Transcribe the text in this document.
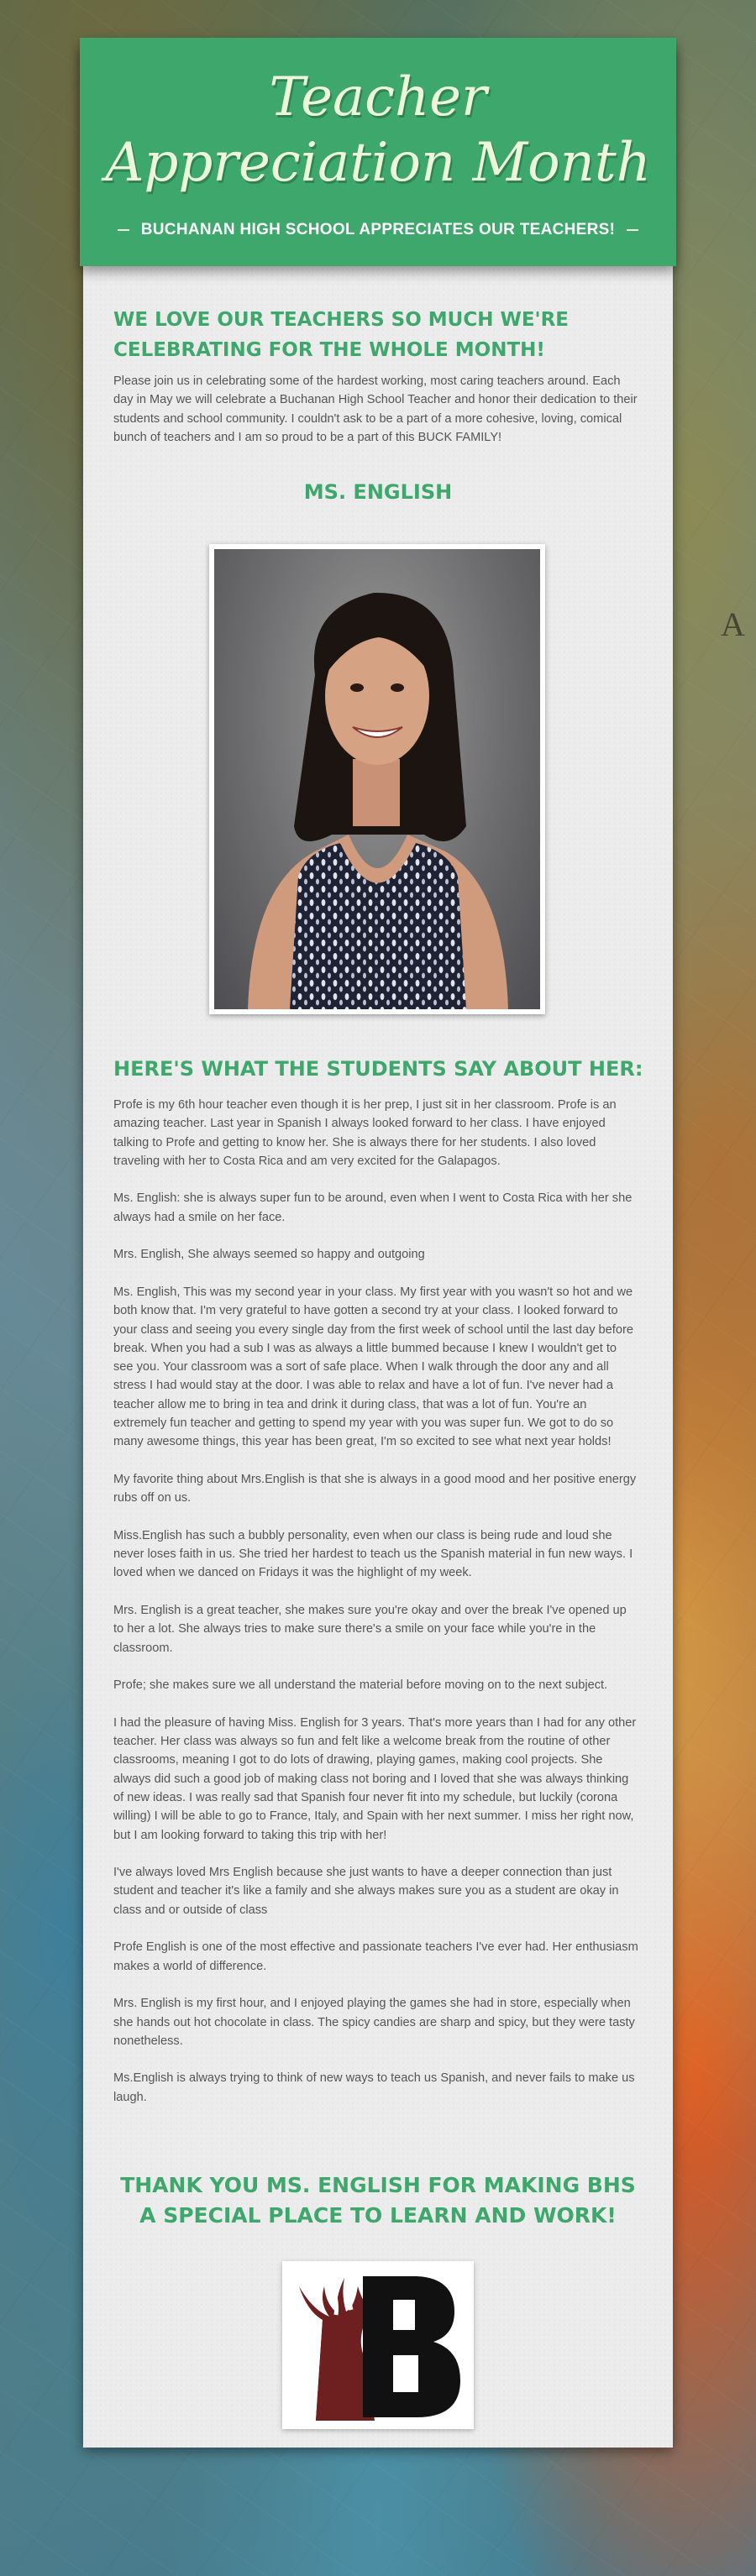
A
Teacher
Appreciation Month
BUCHANAN HIGH SCHOOL APPRECIATES OUR TEACHERS!
WE LOVE OUR TEACHERS SO MUCH WE'RE CELEBRATING FOR THE WHOLE MONTH!

Please join us in celebrating some of the hardest working, most caring teachers around. Each day in May we will celebrate a Buchanan High School Teacher and honor their dedication to their students and school community. I couldn't ask to be a part of a more cohesive, loving, comical bunch of teachers and I am so proud to be a part of this BUCK FAMILY!

MS. ENGLISH
HERE'S WHAT THE STUDENTS SAY ABOUT HER:

Profe is my 6th hour teacher even though it is her prep, I just sit in her classroom. Profe is an amazing teacher. Last year in Spanish I always looked forward to her class. I have enjoyed talking to Profe and getting to know her. She is always there for her students. I also loved traveling with her to Costa Rica and am very excited for the Galapagos.

Ms. English: she is always super fun to be around, even when I went to Costa Rica with her she always had a smile on her face.

Mrs. English, She always seemed so happy and outgoing

Ms. English, This was my second year in your class. My first year with you wasn't so hot and we both know that. I'm very grateful to have gotten a second try at your class. I looked forward to your class and seeing you every single day from the first week of school until the last day before break. When you had a sub I was as always a little bummed because I knew I wouldn't get to see you. Your classroom was a sort of safe place. When I walk through the door any and all stress I had would stay at the door. I was able to relax and have a lot of fun. I've never had a teacher allow me to bring in tea and drink it during class, that was a lot of fun. You're an extremely fun teacher and getting to spend my year with you was super fun. We got to do so many awesome things, this year has been great, I'm so excited to see what next year holds!

My favorite thing about Mrs.English is that she is always in a good mood and her positive energy rubs off on us.

Miss.English has such a bubbly personality, even when our class is being rude and loud she never loses faith in us. She tried her hardest to teach us the Spanish material in fun new ways. I loved when we danced on Fridays it was the highlight of my week.

Mrs. English is a great teacher, she makes sure you're okay and over the break I've opened up to her a lot. She always tries to make sure there's a smile on your face while you're in the classroom.

Profe; she makes sure we all understand the material before moving on to the next subject.

I had the pleasure of having Miss. English for 3 years. That's more years than I had for any other teacher. Her class was always so fun and felt like a welcome break from the routine of other classrooms, meaning I got to do lots of drawing, playing games, making cool projects. She always did such a good job of making class not boring and I loved that she was always thinking of new ideas. I was really sad that Spanish four never fit into my schedule, but luckily (corona willing) I will be able to go to France, Italy, and Spain with her next summer. I miss her right now, but I am looking forward to taking this trip with her!

I've always loved Mrs English because she just wants to have a deeper connection than just student and teacher it's like a family and she always makes sure you as a student are okay in class and or outside of class

Profe English is one of the most effective and passionate teachers I've ever had. Her enthusiasm makes a world of difference.

Mrs. English is my first hour, and I enjoyed playing the games she had in store, especially when she hands out hot chocolate in class. The spicy candies are sharp and spicy, but they were tasty nonetheless.

Ms.English is always trying to think of new ways to teach us Spanish, and never fails to make us laugh.

THANK YOU MS. ENGLISH FOR MAKING BHS A SPECIAL PLACE TO LEARN AND WORK!
